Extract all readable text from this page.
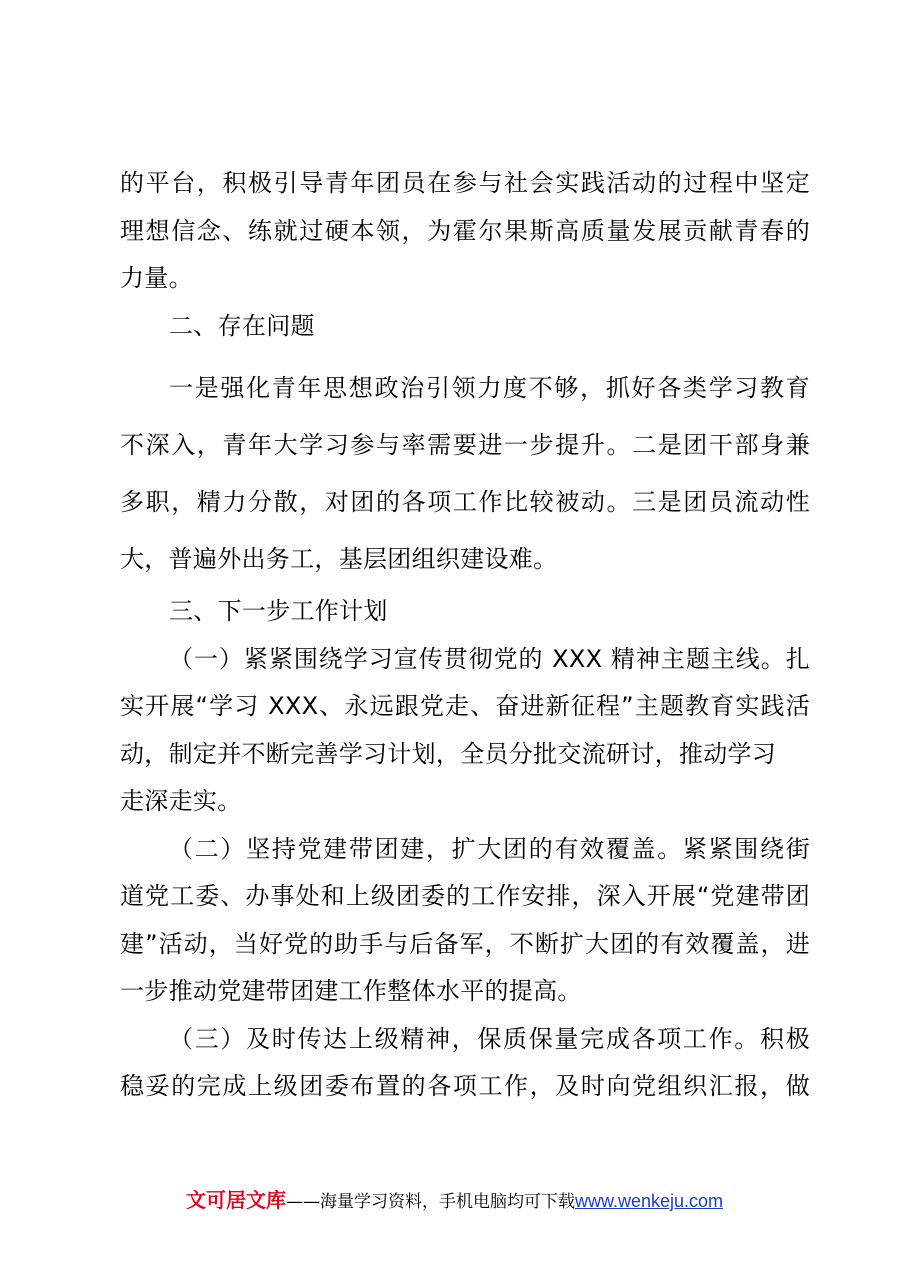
的平台，积极引导青年团员在参与社会实践活动的过程中坚定
理想信念、练就过硬本领，为霍尔果斯高质量发展贡献青春的
力量。
二、存在问题
一是强化青年思想政治引领力度不够，抓好各类学习教育
不深入，青年大学习参与率需要进一步提升。二是团干部身兼
多职，精力分散，对团的各项工作比较被动。三是团员流动性
大，普遍外出务工，基层团组织建设难。
三、下一步工作计划
（一）紧紧围绕学习宣传贯彻党的 XXX 精神主题主线。扎
实开展“学习 XXX、永远跟党走、奋进新征程”主题教育实践活
动，制定并不断完善学习计划，全员分批交流研讨，推动学习
走深走实。
（二）坚持党建带团建，扩大团的有效覆盖。紧紧围绕街
道党工委、办事处和上级团委的工作安排，深入开展“党建带团
建”活动，当好党的助手与后备军，不断扩大团的有效覆盖，进
一步推动党建带团建工作整体水平的提高。
（三）及时传达上级精神，保质保量完成各项工作。积极
稳妥的完成上级团委布置的各项工作，及时向党组织汇报，做
文可居文库——海量学习资料，手机电脑均可下载www.wenkeju.com
